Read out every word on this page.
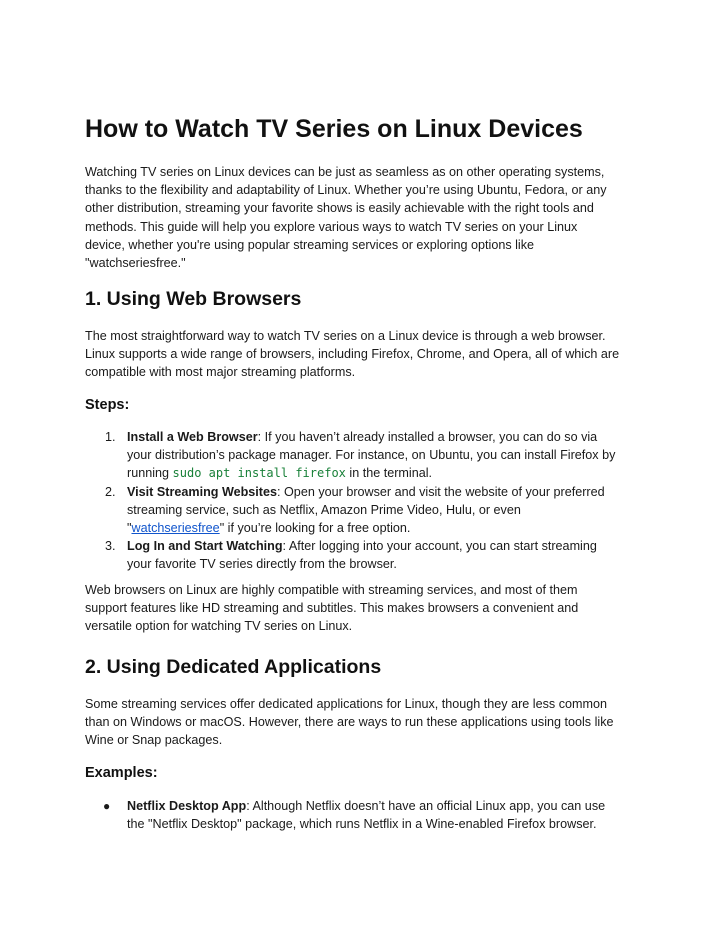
How to Watch TV Series on Linux Devices

Watching TV series on Linux devices can be just as seamless as on other operating systems,
thanks to the flexibility and adaptability of Linux. Whether you’re using Ubuntu, Fedora, or any
other distribution, streaming your favorite shows is easily achievable with the right tools and
methods. This guide will help you explore various ways to watch TV series on your Linux
device, whether you're using popular streaming services or exploring options like
"watchseriesfree."

1. Using Web Browsers

The most straightforward way to watch TV series on a Linux device is through a web browser.
Linux supports a wide range of browsers, including Firefox, Chrome, and Opera, all of which are
compatible with most major streaming platforms.

Steps:
1. Install a Web Browser: If you haven’t already installed a browser, you can do so via
your distribution’s package manager. For instance, on Ubuntu, you can install Firefox by
running sudo apt install firefox in the terminal.
2. Visit Streaming Websites: Open your browser and visit the website of your preferred
streaming service, such as Netflix, Amazon Prime Video, Hulu, or even
"watchseriesfree" if you’re looking for a free option.
3. Log In and Start Watching: After logging into your account, you can start streaming
your favorite TV series directly from the browser.

Web browsers on Linux are highly compatible with streaming services, and most of them
support features like HD streaming and subtitles. This makes browsers a convenient and
versatile option for watching TV series on Linux.

2. Using Dedicated Applications

Some streaming services offer dedicated applications for Linux, though they are less common
than on Windows or macOS. However, there are ways to run these applications using tools like
Wine or Snap packages.

Examples:
● Netflix Desktop App: Although Netflix doesn’t have an official Linux app, you can use
the "Netflix Desktop" package, which runs Netflix in a Wine-enabled Firefox browser.
